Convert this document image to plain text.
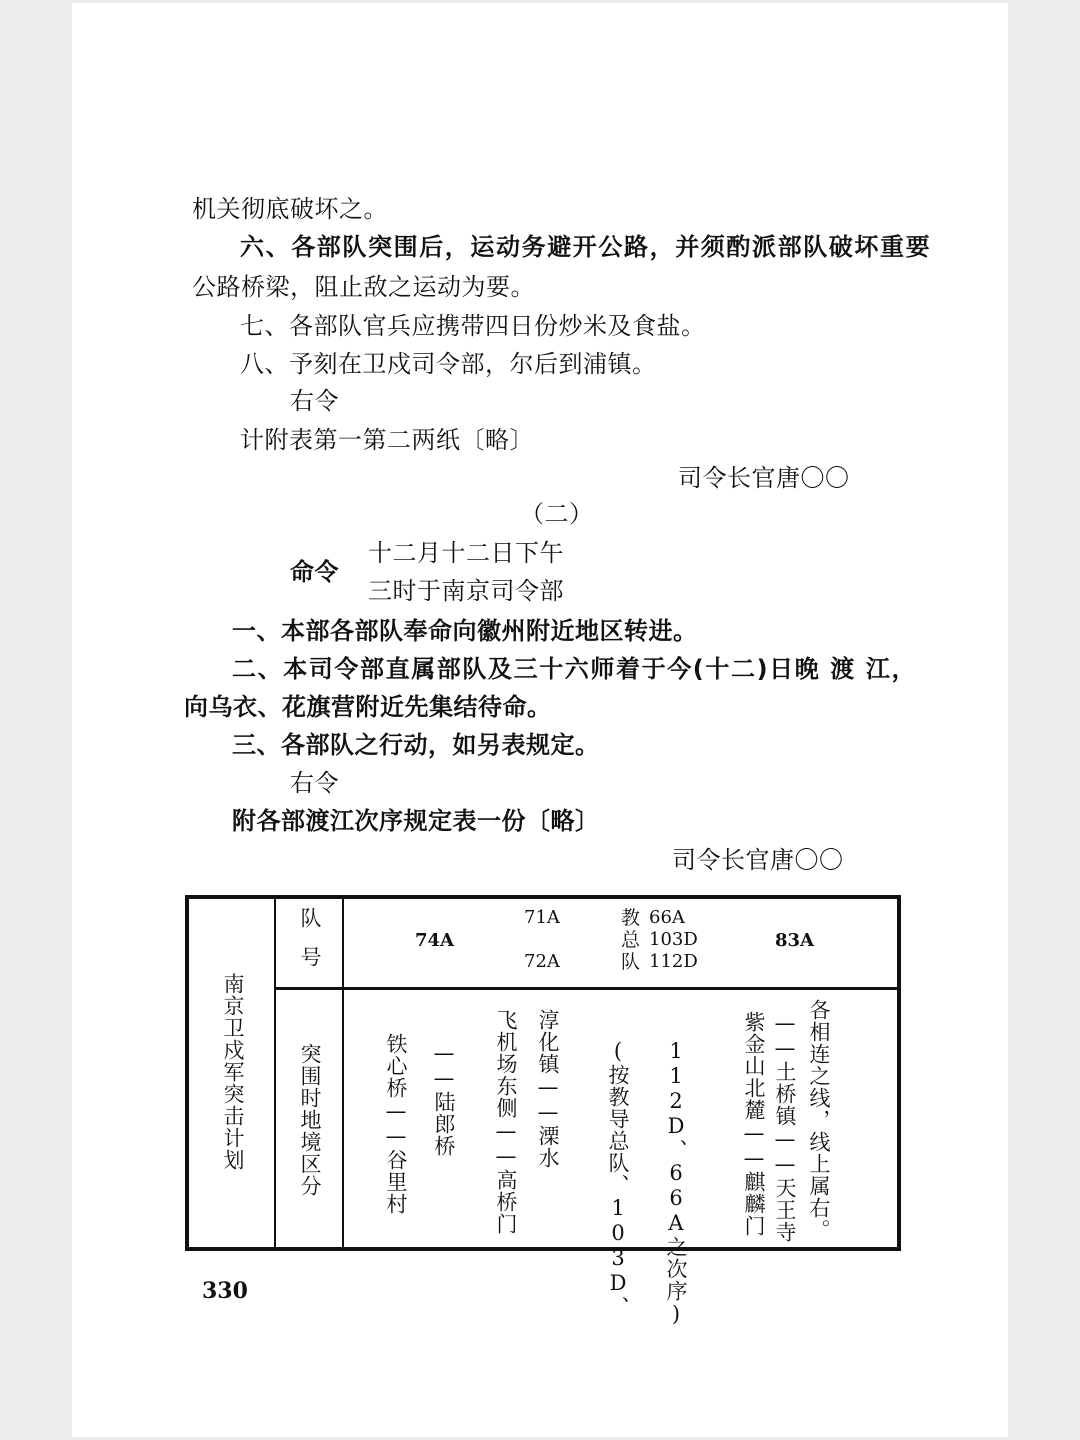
机关彻底破坏之。
六、各部队突围后，运动务避开公路，并须酌派部队破坏重要
公路桥梁，阻止敌之运动为要。
七、各部队官兵应携带四日份炒米及食盐。
八、予刻在卫戍司令部，尔后到浦镇。
右令
计附表第一第二两纸〔略〕
司令长官唐〇〇
（二）
命令
十二月十二日下午
三时于南京司令部
一、本部各部队奉命向徽州附近地区转进。
二、本司令部直属部队及三十六师着于今(十二)日晚 渡 江，
向乌衣、花旗营附近先集结待命。
三、各部队之行动，如另表规定。
右令
附各部渡江次序规定表一份〔略〕
司令长官唐〇〇
南京卫戍军突击计划
队号
突围时地境区分
74A
71A
72A
教
总
队
66A
103D
112D
83A
铁心桥——谷里村 ——陆郎桥 飞机场东侧——高桥门 淳化镇——溧水 (按教导总队、103D、 112D、66A之次序)	紫金山北麓——麒麟门 ——土桥镇——天王寺 各相连之线，线上属右。
330
